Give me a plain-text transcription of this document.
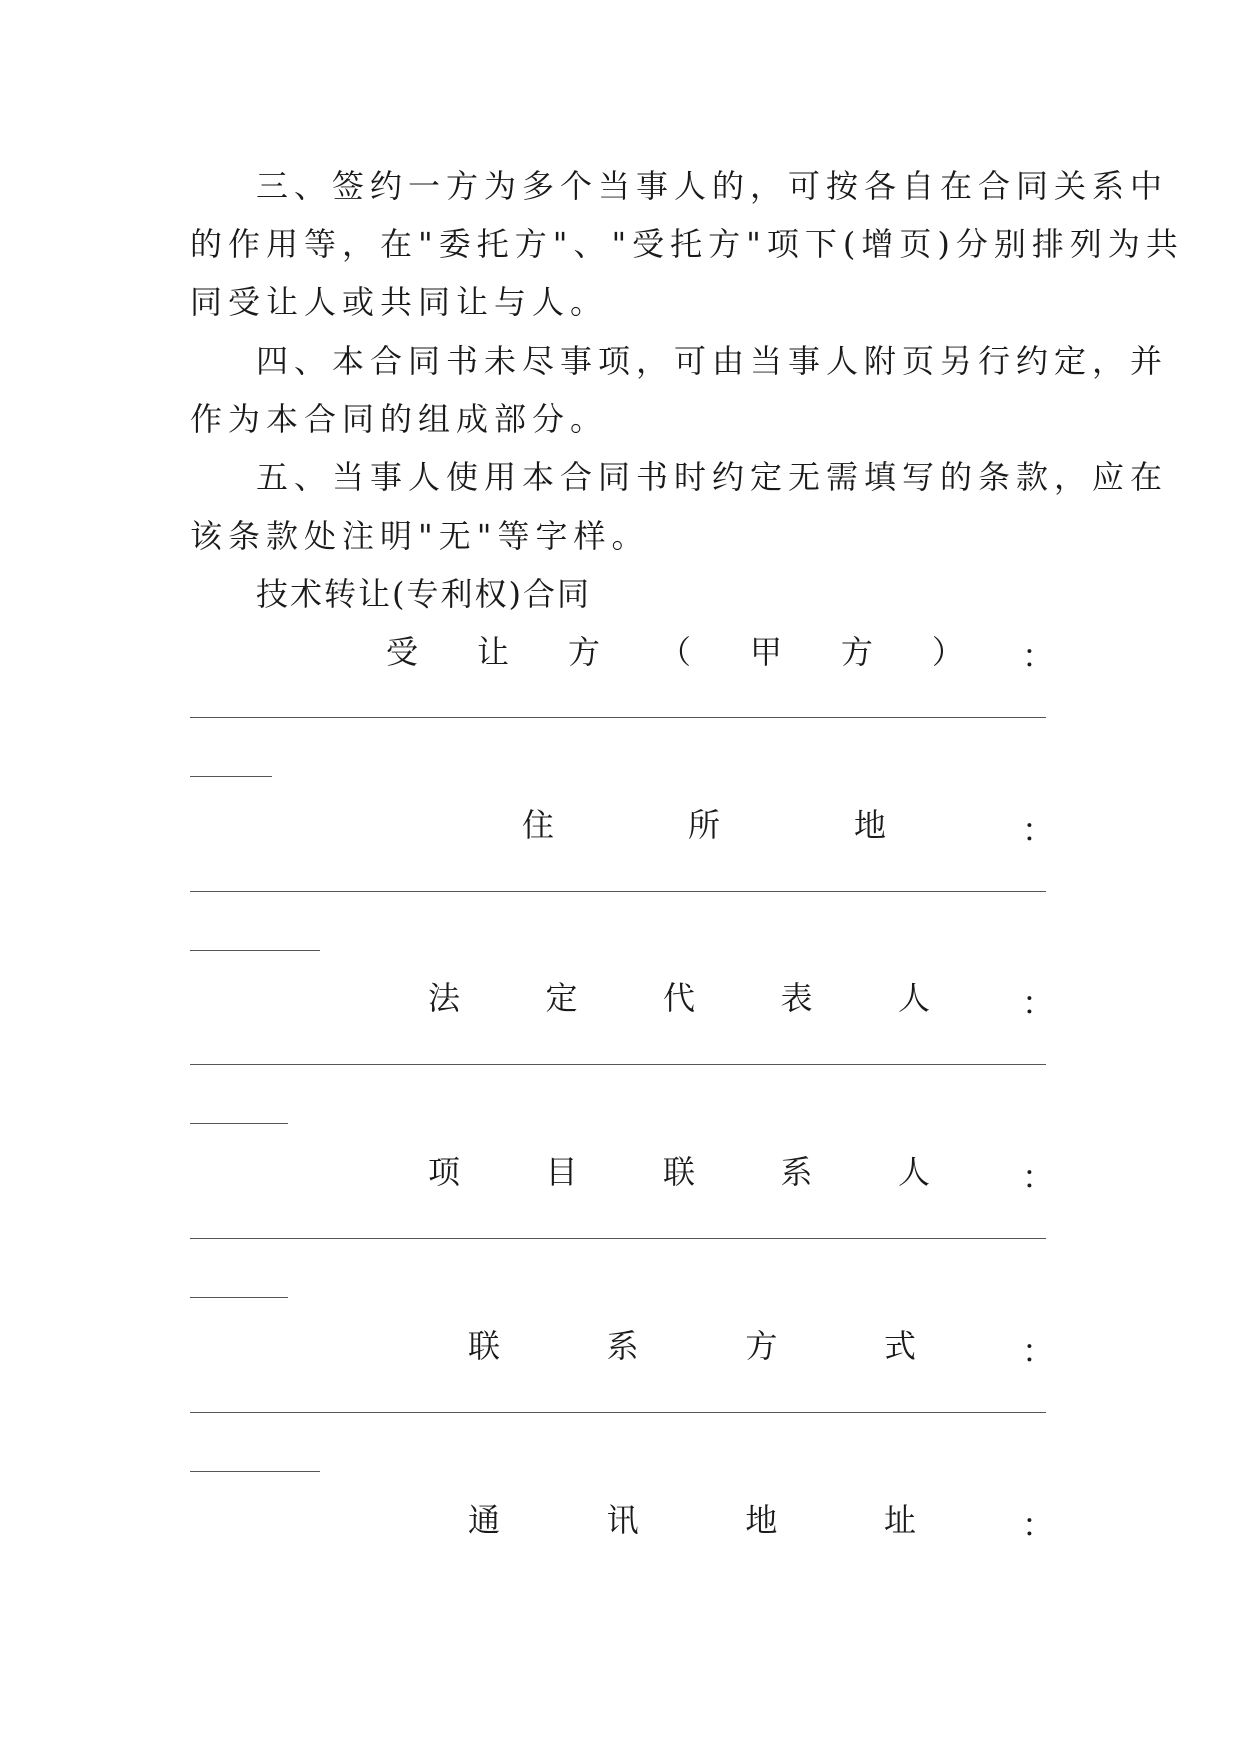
三、签约一方为多个当事人的，可按各自在合同关系中
的作用等，在"委托方"、"受托方"项下(增页)分别排列为共
同受让人或共同让与人。
四、本合同书未尽事项，可由当事人附页另行约定，并
作为本合同的组成部分。
五、当事人使用本合同书时约定无需填写的条款，应在
该条款处注明"无"等字样。
技术转让(专利权)合同
受 让 方 （ 甲 方 ） ：
住	所	地	：
法	定	代	表	人	：
项	目	联	系	人	：
联	系	方	式	：
通	讯	地	址	：
